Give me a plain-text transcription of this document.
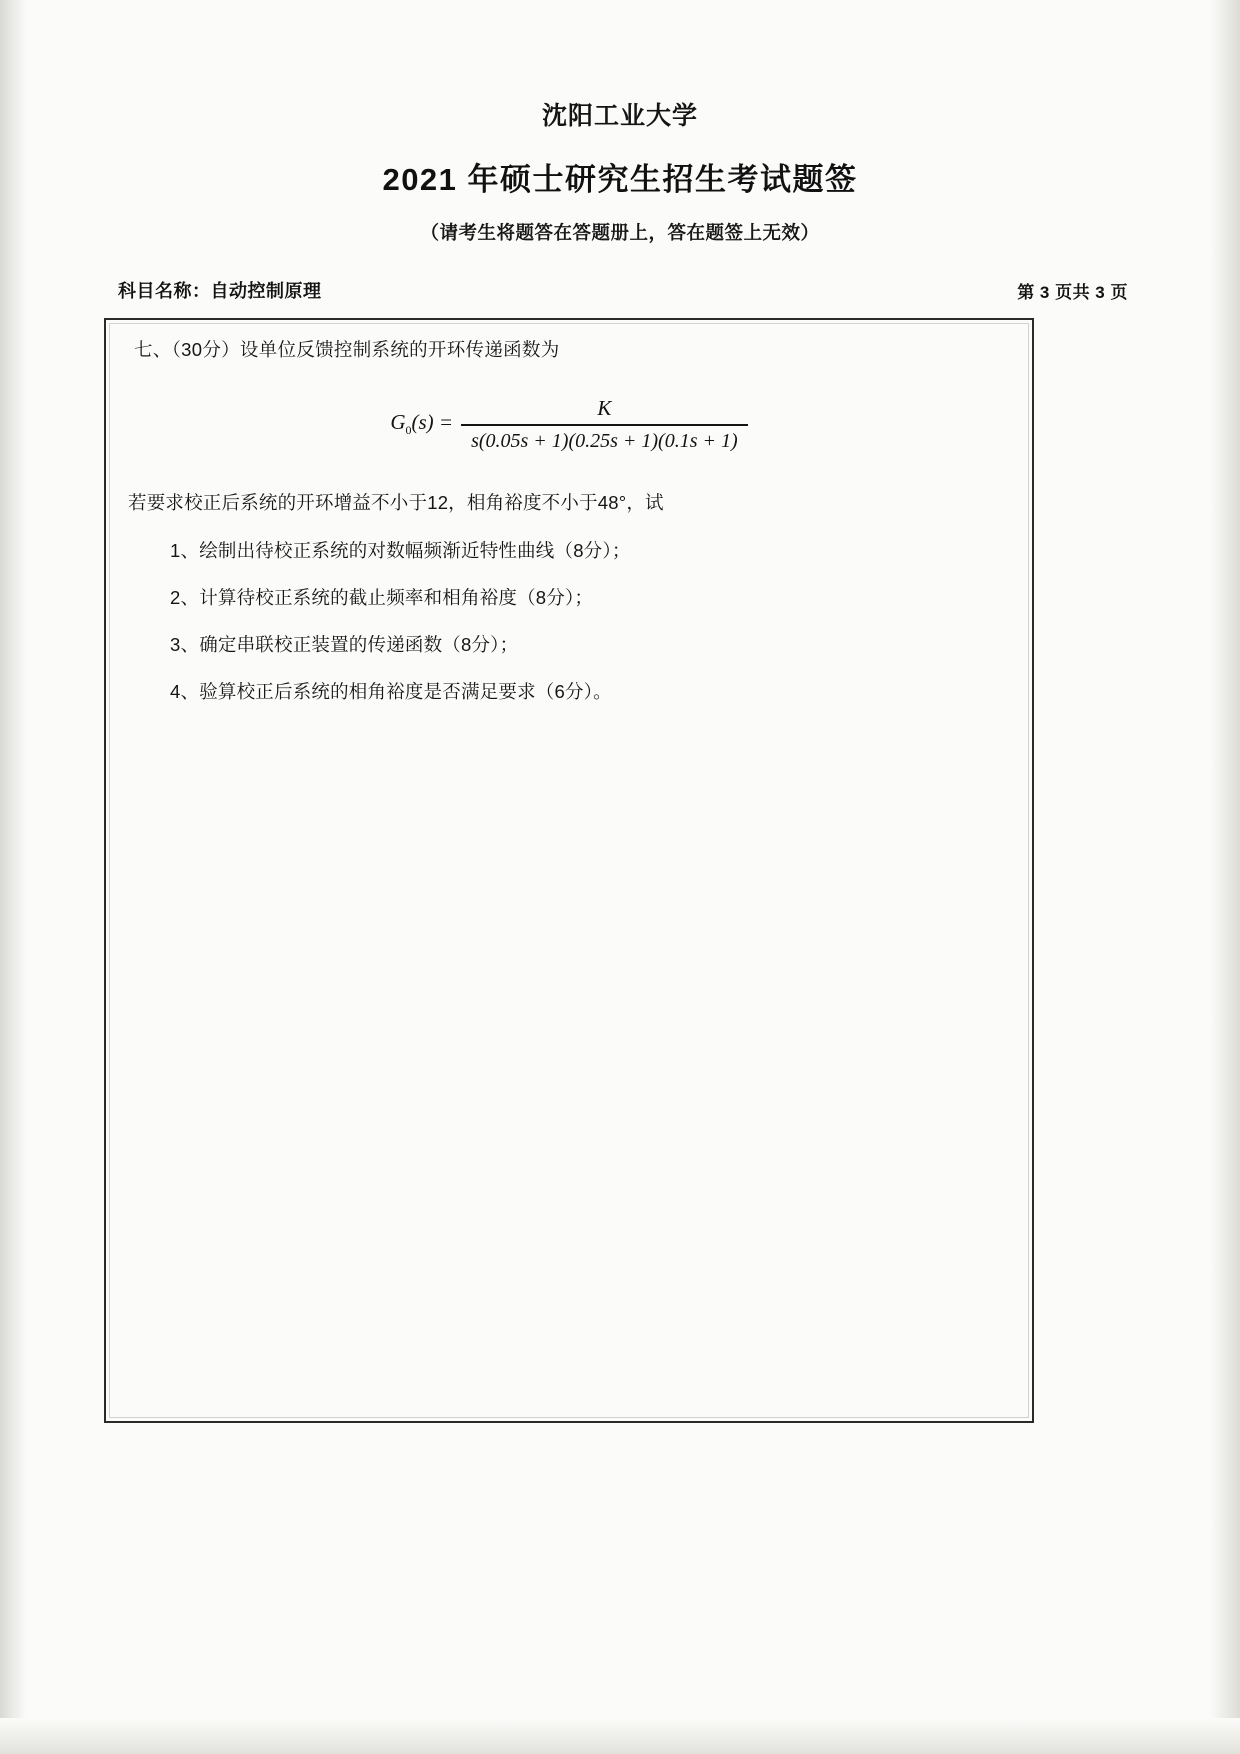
沈阳工业大学
2021 年硕士研究生招生考试题签
（请考生将题答在答题册上，答在题签上无效）
科目名称：自动控制原理	第 3 页共 3 页
七、（30分）设单位反馈控制系统的开环传递函数为
$G_0(s) = \frac{K}{s(0.05s + 1)(0.25s + 1)(0.1s + 1)}$
若要求校正后系统的开环增益不小于12，相角裕度不小于48°，试
1、绘制出待校正系统的对数幅频渐近特性曲线（8分）；
2、计算待校正系统的截止频率和相角裕度（8分）；
3、确定串联校正装置的传递函数（8分）；
4、验算校正后系统的相角裕度是否满足要求（6分）。
